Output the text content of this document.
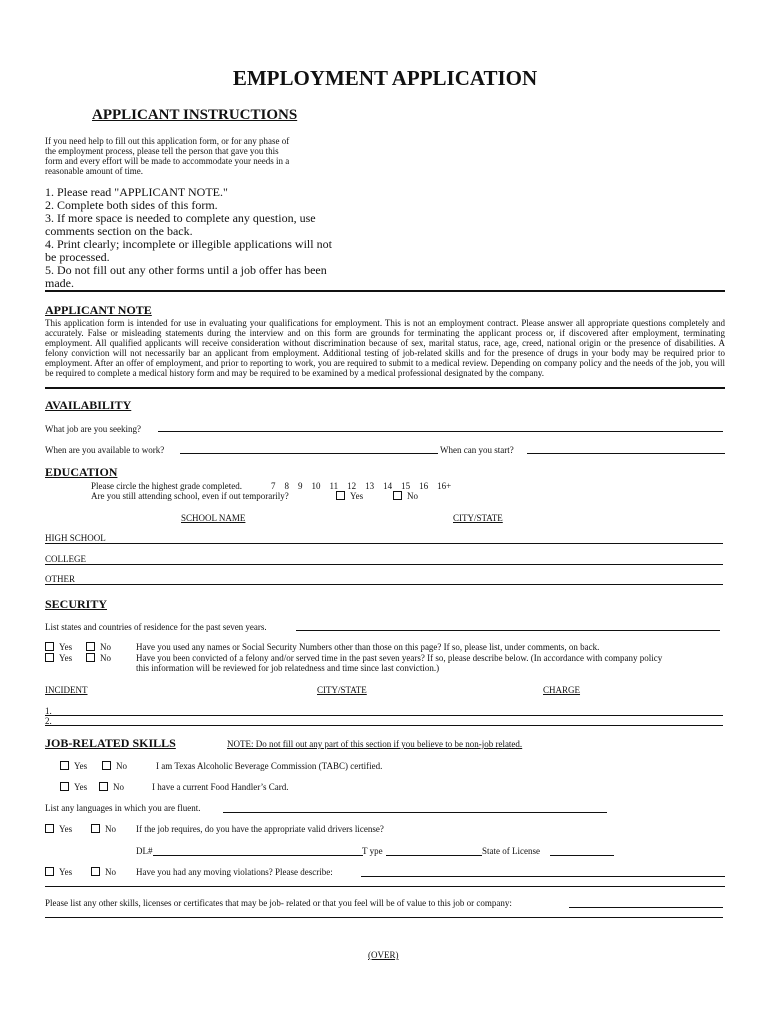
EMPLOYMENT APPLICATION
APPLICANT INSTRUCTIONS
If you need help to fill out this application form, or for any phase of the employment process, please tell the person that gave you this form and every effort will be made to accommodate your needs in a reasonable amount of time.
1. Please read "APPLICANT NOTE."
2. Complete both sides of this form.
3. If more space is needed to complete any question, use comments section on the back.
4. Print clearly; incomplete or illegible applications will not be processed.
5. Do not fill out any other forms until a job offer has been made.
APPLICANT NOTE
This application form is intended for use in evaluating your qualifications for employment. This is not an employment contract. Please answer all appropriate questions completely and accurately. False or misleading statements during the interview and on this form are grounds for terminating the applicant process or, if discovered after employment, terminating employment. All qualified applicants will receive consideration without discrimination because of sex, marital status, race, age, creed, national origin or the presence of disabilities. A felony conviction will not necessarily bar an applicant from employment. Additional testing of job-related skills and for the presence of drugs in your body may be required prior to employment. After an offer of employment, and prior to reporting to work, you are required to submit to a medical review. Depending on company policy and the needs of the job, you will be required to complete a medical history form and may be required to be examined by a medical professional designated by the company.
AVAILABILITY
What job are you seeking?
When are you available to work?	When can you start?
EDUCATION
Please circle the highest grade completed.	7    8    9    10    11    12    13    14    15    16    16+
Are you still attending school, even if out temporarily?	Yes	No
SCHOOL NAME	CITY/STATE
HIGH SCHOOL
COLLEGE
OTHER
SECURITY
List states and countries of residence for the past seven years.
Yes	No	Have you used any names or Social Security Numbers other than those on this page? If so, please list, under comments, on back.
Yes	No	Have you been convicted of a felony and/or served time in the past seven years? If so, please describe below. (In accordance with company policy this information will be reviewed for job relatedness and time since last conviction.)
INCIDENT	CITY/STATE	CHARGE
1.
2.
JOB-RELATED SKILLS	NOTE: Do not fill out any part of this section if you believe to be non-job related.
Yes	No	I am Texas Alcoholic Beverage Commission (TABC) certified.
Yes	No	I have a current Food Handler’s Card.
List any languages in which you are fluent.
Yes	No If the job requires, do you have the appropriate valid drivers license?
DL#	T ype	State of License
Yes	No Have you had any moving violations? Please describe:
Please list any other skills, licenses or certificates that may be job- related or that you feel will be of value to this job or company:
(OVER)
